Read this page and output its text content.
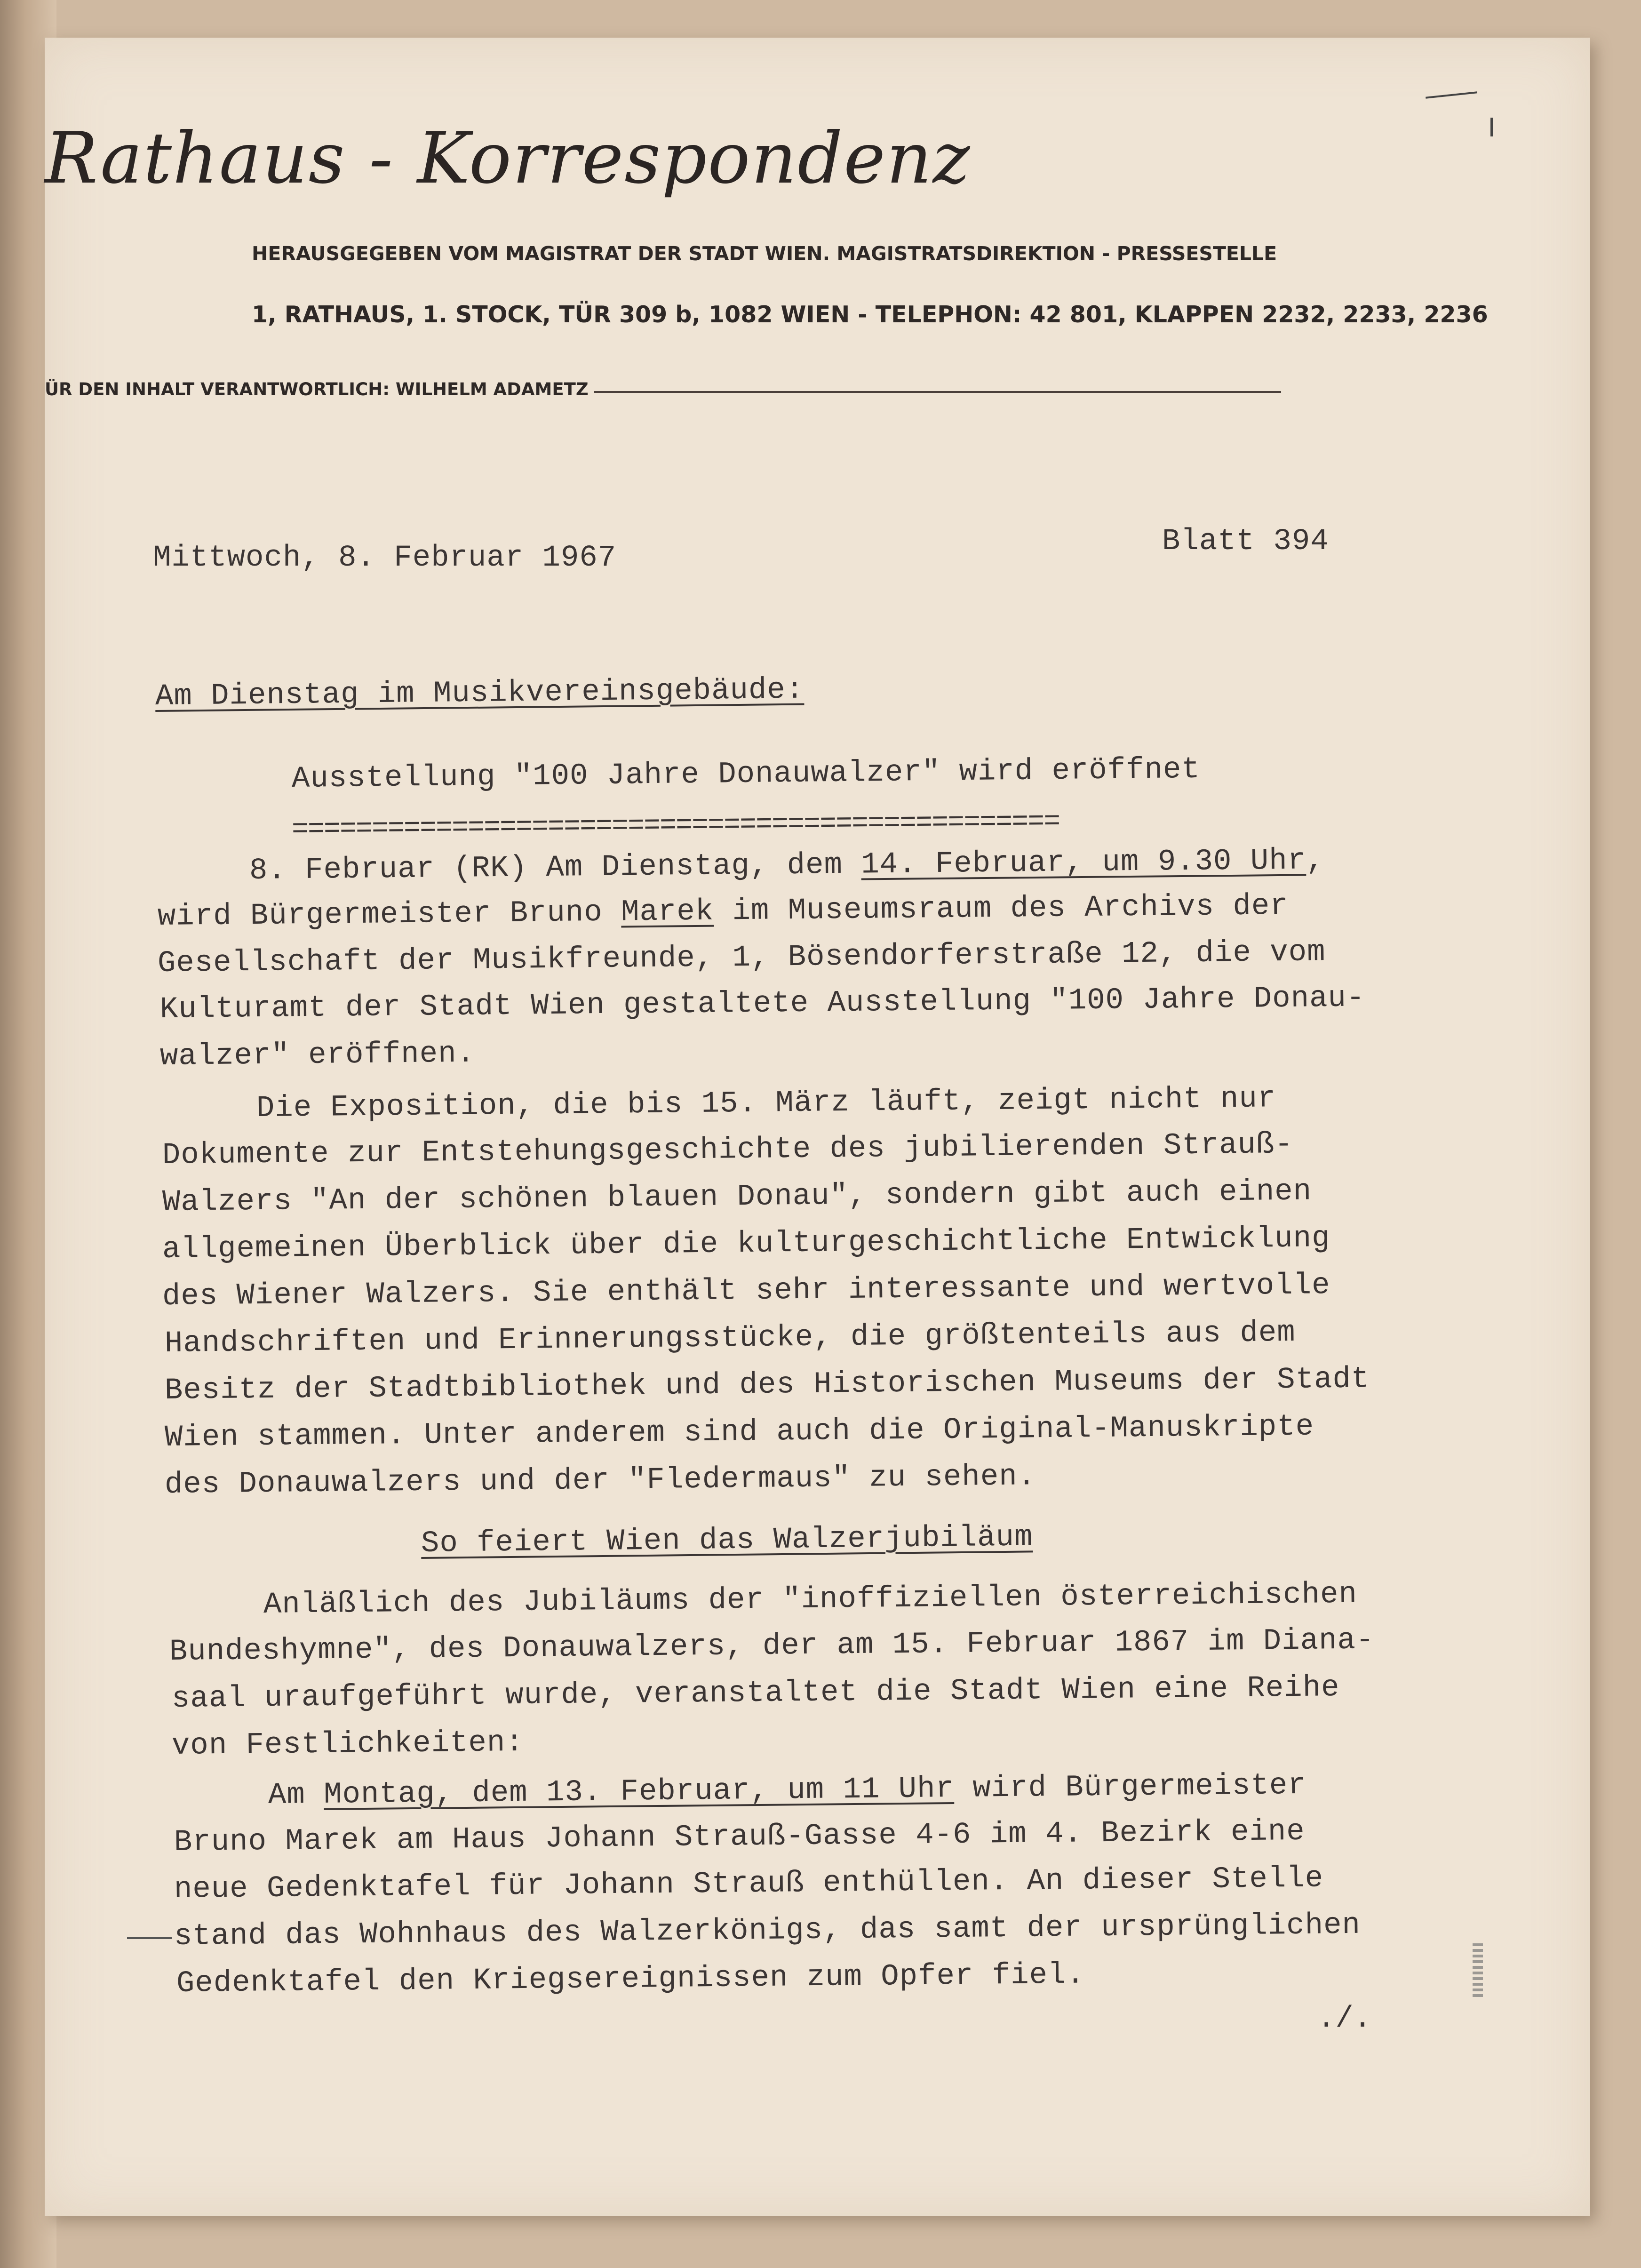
Rathaus - Korrespondenz
HERAUSGEGEBEN VOM MAGISTRAT DER STADT WIEN. MAGISTRATSDIREKTION - PRESSESTELLE
1, RATHAUS, 1. STOCK, TÜR 309 b, 1082 WIEN - TELEPHON: 42 801, KLAPPEN 2232, 2233, 2236
ÜR DEN INHALT VERANTWORTLICH: WILHELM ADAMETZ
Mittwoch, 8. Februar 1967	Blatt 394
Am Dienstag im Musikvereinsgebäude:
Ausstellung "100 Jahre Donauwalzer" wird eröffnet
================================================
8. Februar (RK) Am Dienstag, dem 14. Februar, um 9.30 Uhr,
wird Bürgermeister Bruno Marek im Museumsraum des Archivs der
Gesellschaft der Musikfreunde, 1, Bösendorferstraße 12, die vom
Kulturamt der Stadt Wien gestaltete Ausstellung "100 Jahre Donau-
walzer" eröffnen.
Die Exposition, die bis 15. März läuft, zeigt nicht nur
Dokumente zur Entstehungsgeschichte des jubilierenden Strauß-
Walzers "An der schönen blauen Donau", sondern gibt auch einen
allgemeinen Überblick über die kulturgeschichtliche Entwicklung
des Wiener Walzers. Sie enthält sehr interessante und wertvolle
Handschriften und Erinnerungsstücke, die größtenteils aus dem
Besitz der Stadtbibliothek und des Historischen Museums der Stadt
Wien stammen. Unter anderem sind auch die Original-Manuskripte
des Donauwalzers und der "Fledermaus" zu sehen.
So feiert Wien das Walzerjubiläum
Anläßlich des Jubiläums der "inoffiziellen österreichischen
Bundeshymne", des Donauwalzers, der am 15. Februar 1867 im Diana-
saal uraufgeführt wurde, veranstaltet die Stadt Wien eine Reihe
von Festlichkeiten:
Am Montag, dem 13. Februar, um 11 Uhr wird Bürgermeister
Bruno Marek am Haus Johann Strauß-Gasse 4-6 im 4. Bezirk eine
neue Gedenktafel für Johann Strauß enthüllen. An dieser Stelle
stand das Wohnhaus des Walzerkönigs, das samt der ursprünglichen
Gedenktafel den Kriegsereignissen zum Opfer fiel.
./.
